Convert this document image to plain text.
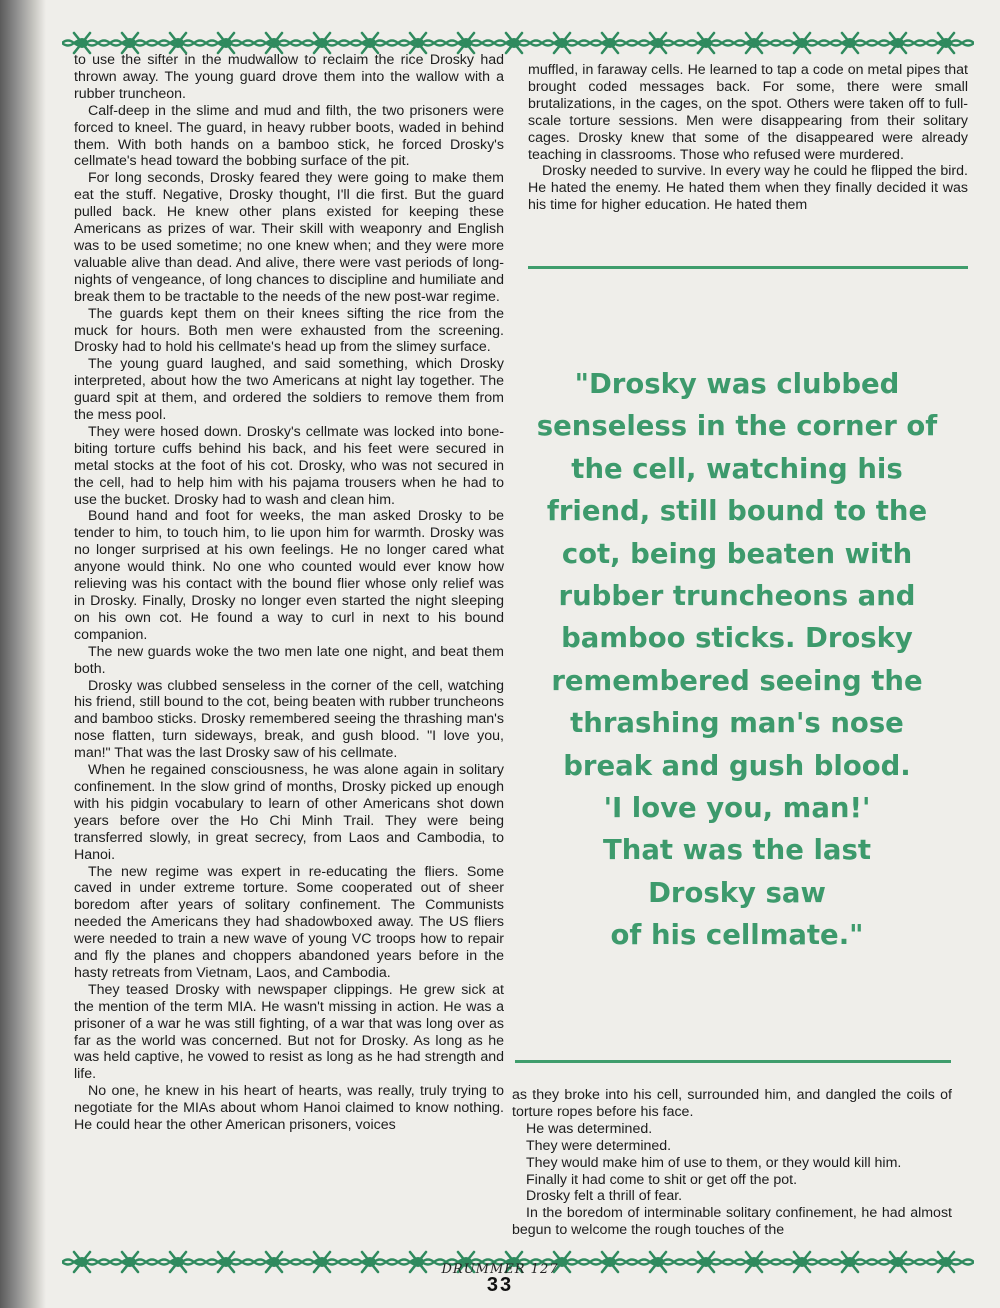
to use the sifter in the mudwallow to reclaim the rice Drosky had thrown away. The young guard drove them into the wallow with a rubber truncheon.

Calf-deep in the slime and mud and filth, the two prisoners were forced to kneel. The guard, in heavy rubber boots, waded in behind them. With both hands on a bamboo stick, he forced Drosky's cellmate's head toward the bobbing surface of the pit.

For long seconds, Drosky feared they were going to make them eat the stuff. Negative, Drosky thought, I'll die first. But the guard pulled back. He knew other plans existed for keeping these Americans as prizes of war. Their skill with weaponry and English was to be used sometime; no one knew when; and they were more valuable alive than dead. And alive, there were vast periods of long-nights of vengeance, of long chances to discipline and humiliate and break them to be tractable to the needs of the new post-war regime.

The guards kept them on their knees sifting the rice from the muck for hours. Both men were exhausted from the screening. Drosky had to hold his cellmate's head up from the slimey surface.

The young guard laughed, and said something, which Drosky interpreted, about how the two Americans at night lay together. The guard spit at them, and ordered the soldiers to remove them from the mess pool.

They were hosed down. Drosky's cellmate was locked into bone-biting torture cuffs behind his back, and his feet were secured in metal stocks at the foot of his cot. Drosky, who was not secured in the cell, had to help him with his pajama trousers when he had to use the bucket. Drosky had to wash and clean him.

Bound hand and foot for weeks, the man asked Drosky to be tender to him, to touch him, to lie upon him for warmth. Drosky was no longer surprised at his own feelings. He no longer cared what anyone would think. No one who counted would ever know how relieving was his contact with the bound flier whose only relief was in Drosky. Finally, Drosky no longer even started the night sleeping on his own cot. He found a way to curl in next to his bound companion.

The new guards woke the two men late one night, and beat them both.

Drosky was clubbed senseless in the corner of the cell, watching his friend, still bound to the cot, being beaten with rubber truncheons and bamboo sticks. Drosky remembered seeing the thrashing man's nose flatten, turn sideways, break, and gush blood. "I love you, man!" That was the last Drosky saw of his cellmate.

When he regained consciousness, he was alone again in solitary confinement. In the slow grind of months, Drosky picked up enough with his pidgin vocabulary to learn of other Americans shot down years before over the Ho Chi Minh Trail. They were being transferred slowly, in great secrecy, from Laos and Cambodia, to Hanoi.

The new regime was expert in re-educating the fliers. Some caved in under extreme torture. Some cooperated out of sheer boredom after years of solitary confinement. The Communists needed the Americans they had shadowboxed away. The US fliers were needed to train a new wave of young VC troops how to repair and fly the planes and choppers abandoned years before in the hasty retreats from Vietnam, Laos, and Cambodia.

They teased Drosky with newspaper clippings. He grew sick at the mention of the term MIA. He wasn't missing in action. He was a prisoner of a war he was still fighting, of a war that was long over as far as the world was concerned. But not for Drosky. As long as he was held captive, he vowed to resist as long as he had strength and life.

No one, he knew in his heart of hearts, was really, truly trying to negotiate for the MIAs about whom Hanoi claimed to know nothing. He could hear the other American prisoners, voices

muffled, in faraway cells. He learned to tap a code on metal pipes that brought coded messages back. For some, there were small brutalizations, in the cages, on the spot. Others were taken off to full-scale torture sessions. Men were disappearing from their solitary cages. Drosky knew that some of the disappeared were already teaching in classrooms. Those who refused were murdered.

Drosky needed to survive. In every way he could he flipped the bird. He hated the enemy. He hated them when they finally decided it was his time for higher education. He hated them

"Drosky was clubbed
senseless in the corner of
the cell, watching his
friend, still bound to the
cot, being beaten with
rubber truncheons and
bamboo sticks. Drosky
remembered seeing the
thrashing man's nose
break and gush blood.
'I love you, man!'
That was the last
Drosky saw
of his cellmate."

as they broke into his cell, surrounded him, and dangled the coils of torture ropes before his face.

He was determined.

They were determined.

They would make him of use to them, or they would kill him.

Finally it had come to shit or get off the pot.

Drosky felt a thrill of fear.

In the boredom of interminable solitary confinement, he had almost begun to welcome the rough touches of the

DRUMMER 127
33
